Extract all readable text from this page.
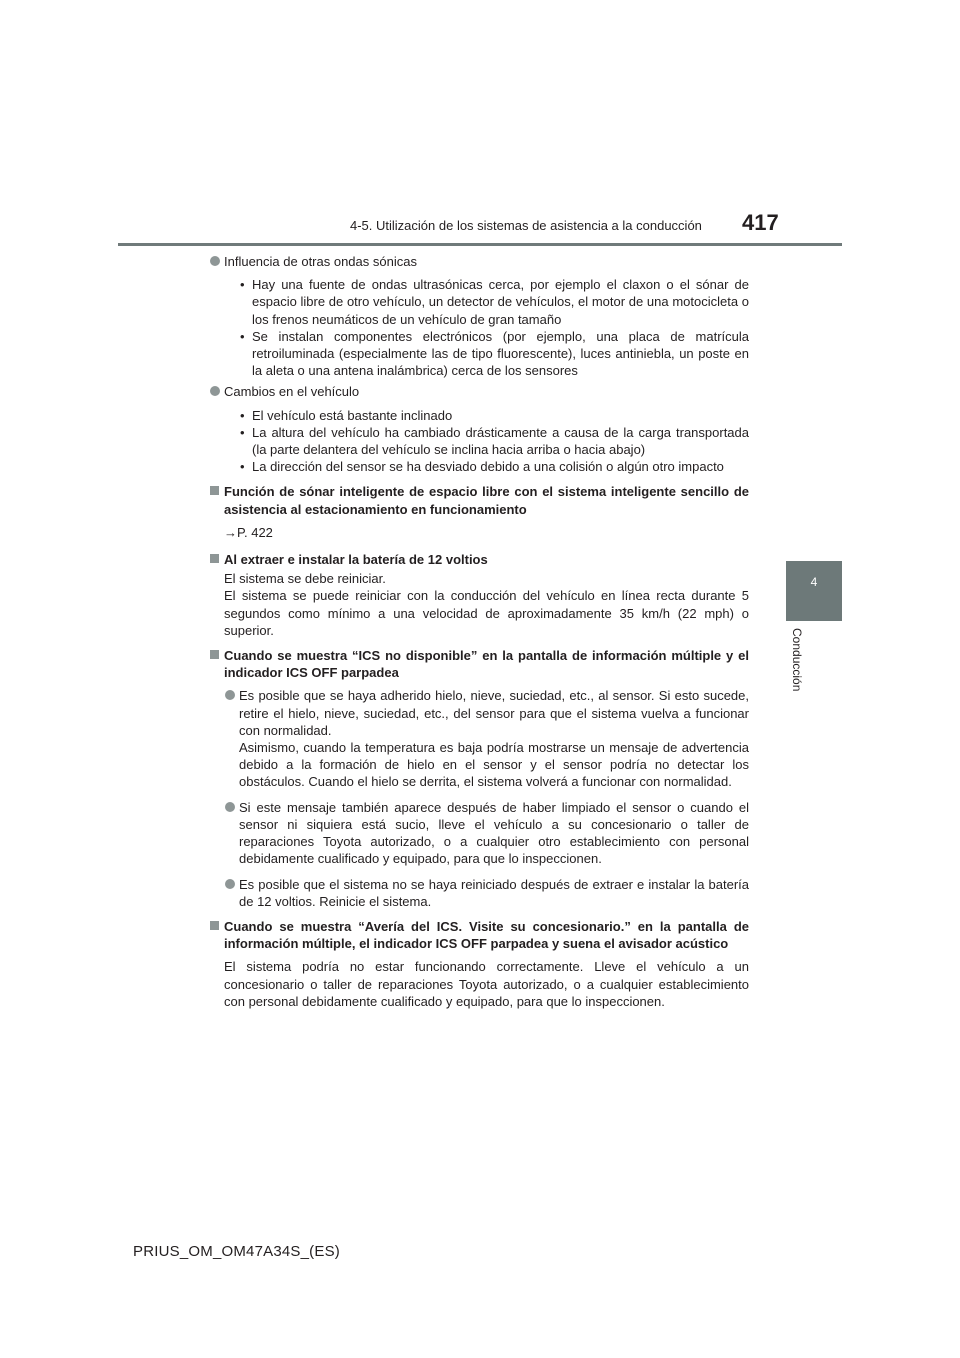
4-5. Utilización de los sistemas de asistencia a la conducción 417
4
Conducción
Influencia de otras ondas sónicas
• Hay una fuente de ondas ultrasónicas cerca, por ejemplo el claxon o el sónar de espacio libre de otro vehículo, un detector de vehículos, el motor de una motocicleta o los frenos neumáticos de un vehículo de gran tamaño
• Se instalan componentes electrónicos (por ejemplo, una placa de matrícula retroiluminada (especialmente las de tipo fluorescente), luces antiniebla, un poste en la aleta o una antena inalámbrica) cerca de los sensores
Cambios en el vehículo
• El vehículo está bastante inclinado
• La altura del vehículo ha cambiado drásticamente a causa de la carga transportada (la parte delantera del vehículo se inclina hacia arriba o hacia abajo)
• La dirección del sensor se ha desviado debido a una colisión o algún otro impacto
Función de sónar inteligente de espacio libre con el sistema inteligente sencillo de asistencia al estacionamiento en funcionamiento
→P. 422
Al extraer e instalar la batería de 12 voltios
El sistema se debe reiniciar.
El sistema se puede reiniciar con la conducción del vehículo en línea recta durante 5 segundos como mínimo a una velocidad de aproximadamente 35 km/h (22 mph) o superior.
Cuando se muestra “ICS no disponible” en la pantalla de información múltiple y el indicador ICS OFF parpadea
Es posible que se haya adherido hielo, nieve, suciedad, etc., al sensor. Si esto sucede, retire el hielo, nieve, suciedad, etc., del sensor para que el sistema vuelva a funcionar con normalidad.
Asimismo, cuando la temperatura es baja podría mostrarse un mensaje de advertencia debido a la formación de hielo en el sensor y el sensor podría no detectar los obstáculos. Cuando el hielo se derrita, el sistema volverá a funcionar con normalidad.
Si este mensaje también aparece después de haber limpiado el sensor o cuando el sensor ni siquiera está sucio, lleve el vehículo a su concesionario o taller de reparaciones Toyota autorizado, o a cualquier otro establecimiento con personal debidamente cualificado y equipado, para que lo inspeccionen.
Es posible que el sistema no se haya reiniciado después de extraer e instalar la batería de 12 voltios. Reinicie el sistema.
Cuando se muestra “Avería del ICS. Visite su concesionario.” en la pantalla de información múltiple, el indicador ICS OFF parpadea y suena el avisador acústico
El sistema podría no estar funcionando correctamente. Lleve el vehículo a un concesionario o taller de reparaciones Toyota autorizado, o a cualquier establecimiento con personal debidamente cualificado y equipado, para que lo inspeccionen.
PRIUS_OM_OM47A34S_(ES)
